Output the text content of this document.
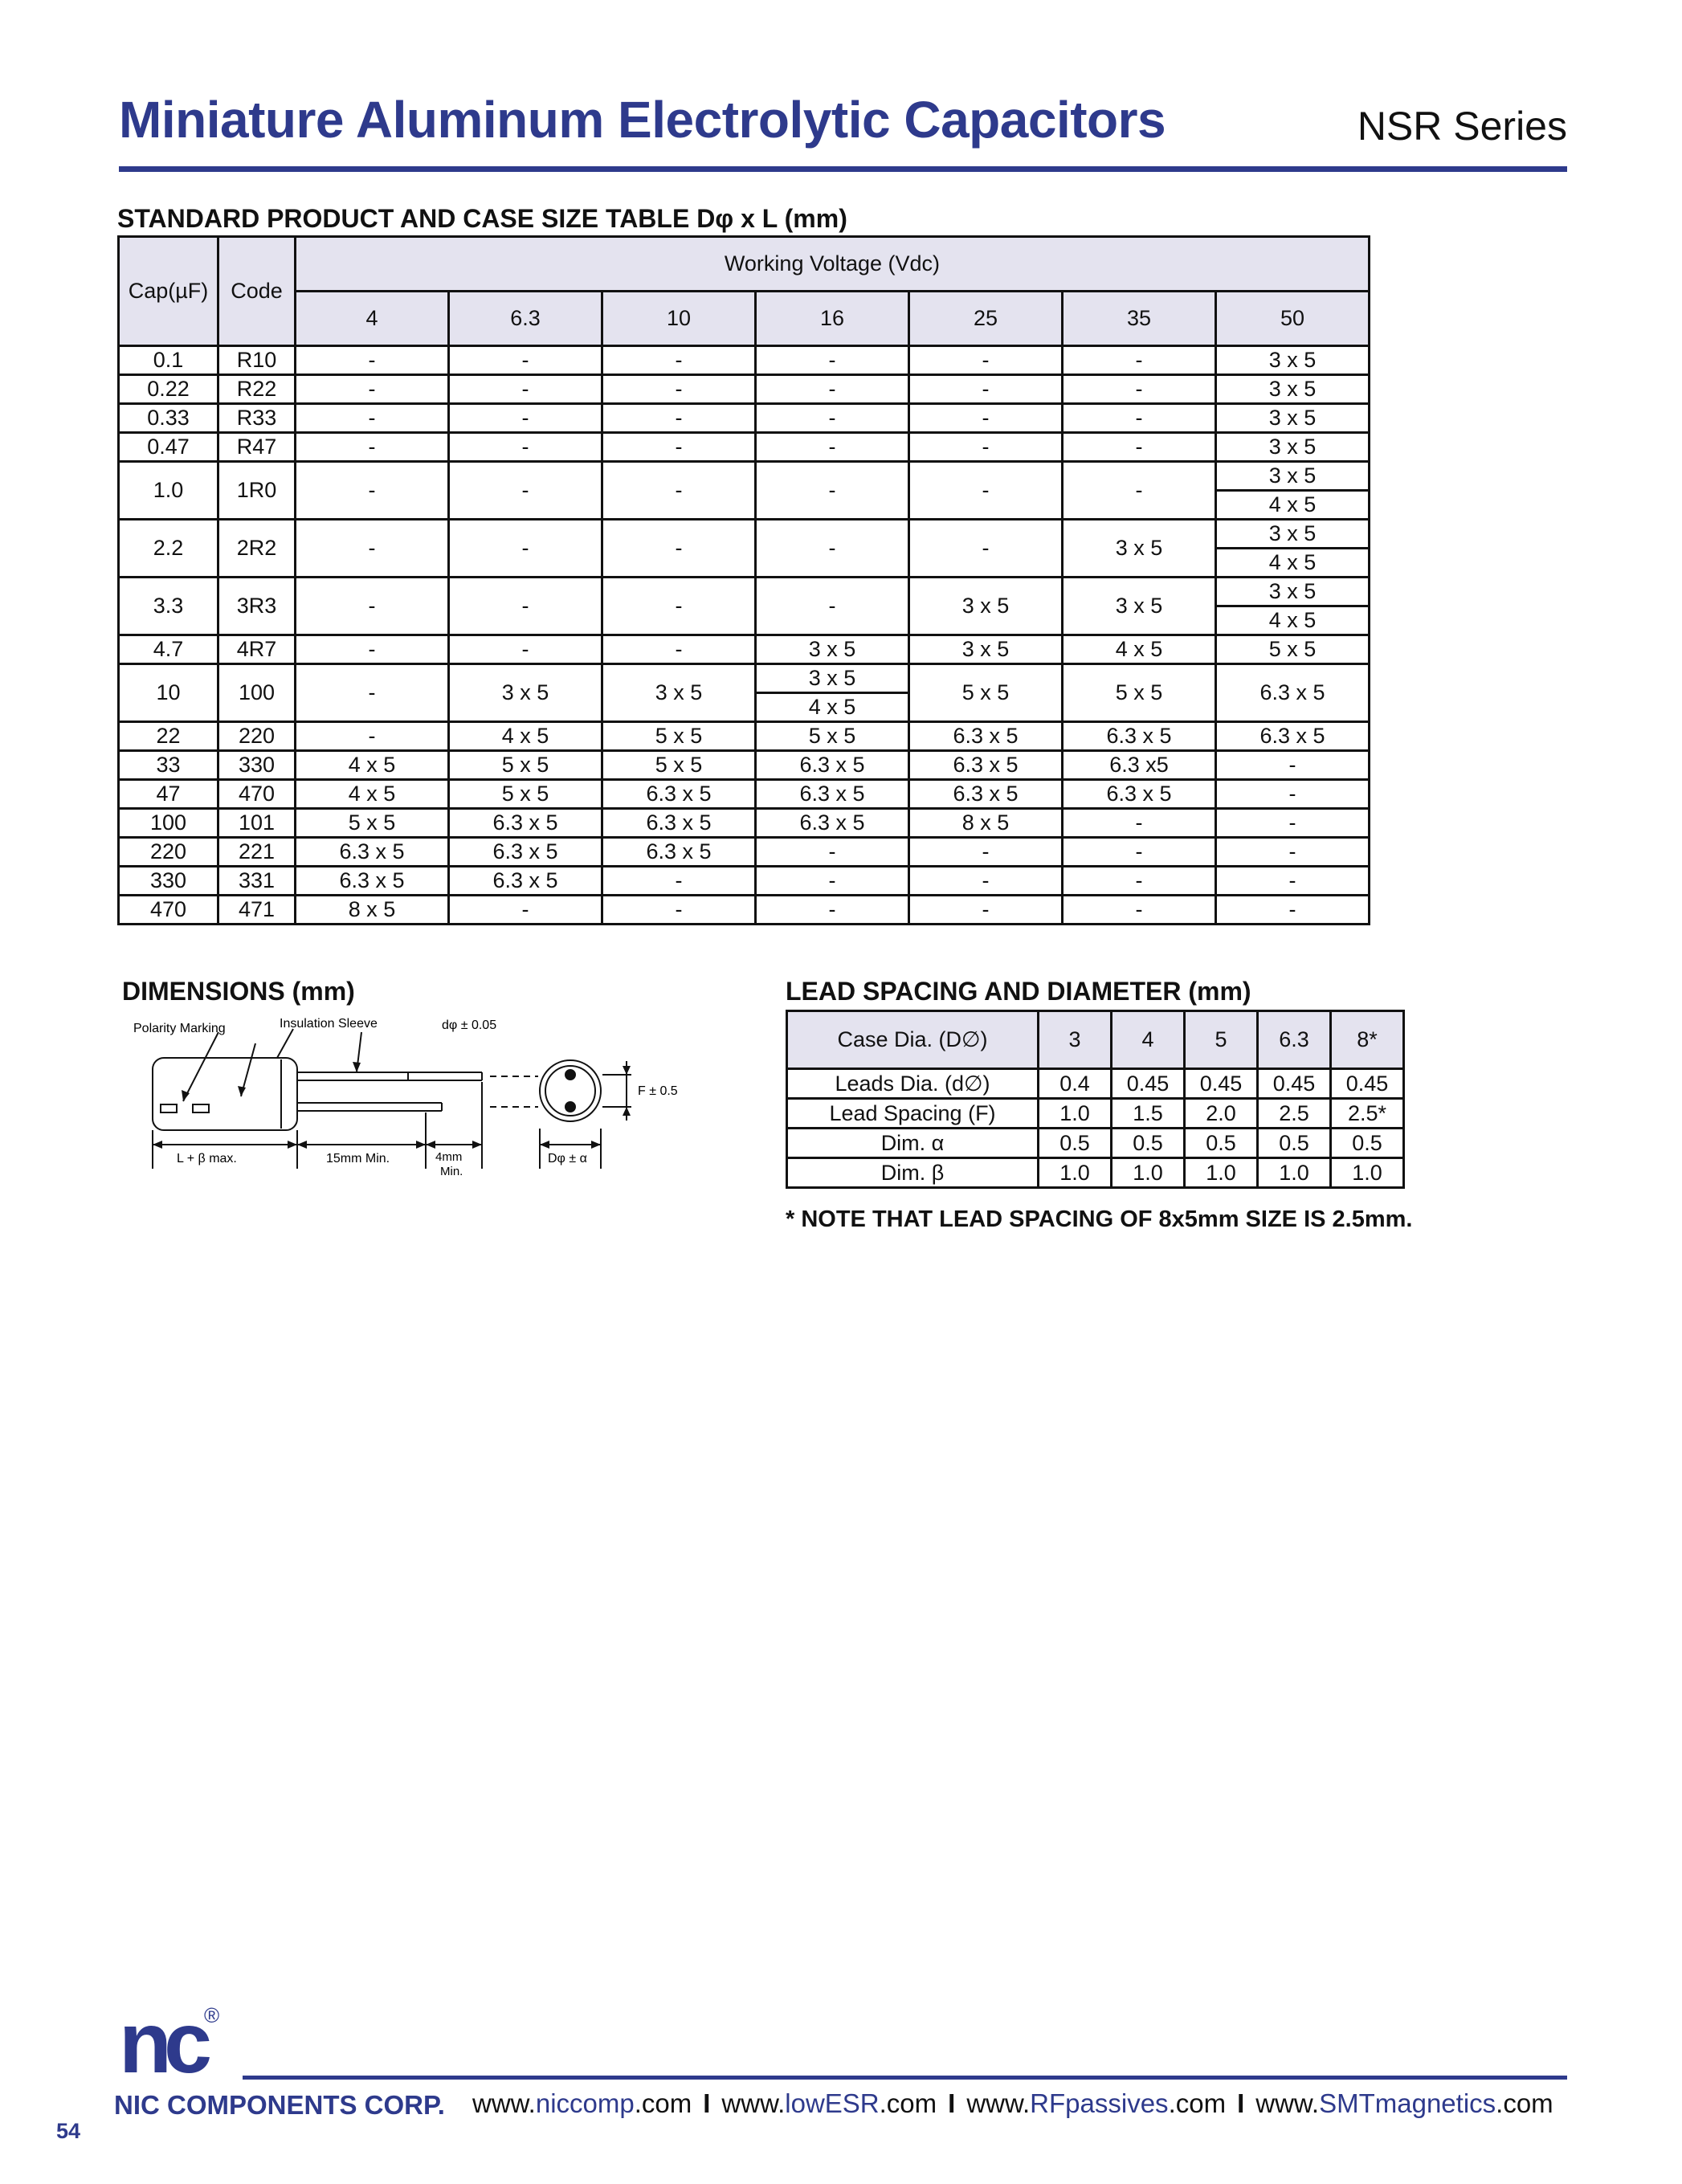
Miniature Aluminum Electrolytic Capacitors	NSR Series
STANDARD PRODUCT AND CASE SIZE TABLE Dφ x L (mm)
Cap(µF)	Code	Working Voltage (Vdc)						
		4	6.3	10	16	25	35	50
0.1	R10	-	-	-	-	-	-	3 x 5
0.22	R22	-	-	-	-	-	-	3 x 5
0.33	R33	-	-	-	-	-	-	3 x 5
0.47	R47	-	-	-	-	-	-	3 x 5
1.0	1R0	-	-	-	-	-	-	3 x 5
								4 x 5
2.2	2R2	-	-	-	-	-	3 x 5	3 x 5
								4 x 5
3.3	3R3	-	-	-	-	3 x 5	3 x 5	3 x 5
								4 x 5
4.7	4R7	-	-	-	3 x 5	3 x 5	4 x 5	5 x 5
10	100	-	3 x 5	3 x 5	3 x 5	5 x 5	5 x 5	6.3 x 5
					4 x 5			
22	220	-	4 x 5	5 x 5	5 x 5	6.3 x 5	6.3 x 5	6.3 x 5
33	330	4 x 5	5 x 5	5 x 5	6.3 x 5	6.3 x 5	6.3 x5	-
47	470	4 x 5	5 x 5	6.3 x 5	6.3 x 5	6.3 x 5	6.3 x 5	-
100	101	5 x 5	6.3 x 5	6.3 x 5	6.3 x 5	8 x 5	-	-
220	221	6.3 x 5	6.3 x 5	6.3 x 5	-	-	-	-
330	331	6.3 x 5	6.3 x 5	-	-	-	-	-
470	471	8 x 5	-	-	-	-	-	-
DIMENSIONS (mm)
Polarity Marking	Insulation Sleeve	dφ ± 0.05
F ± 0.5
L + β max.	15mm Min.	4mm
Min.
Dφ ± α
LEAD SPACING AND DIAMETER (mm)
Case Dia. (D∅)	3	4	5	6.3	8*
Leads Dia. (d∅)	0.4	0.45	0.45	0.45	0.45
Lead Spacing (F)	1.0	1.5	2.0	2.5	2.5*
Dim. α	0.5	0.5	0.5	0.5	0.5
Dim. β	1.0	1.0	1.0	1.0	1.0
* NOTE THAT LEAD SPACING OF 8x5mm SIZE IS 2.5mm.
nc ®
NIC COMPONENTS CORP. www.niccomp.com I www.lowESR.com I www.RFpassives.com I www.SMTmagnetics.com
54
